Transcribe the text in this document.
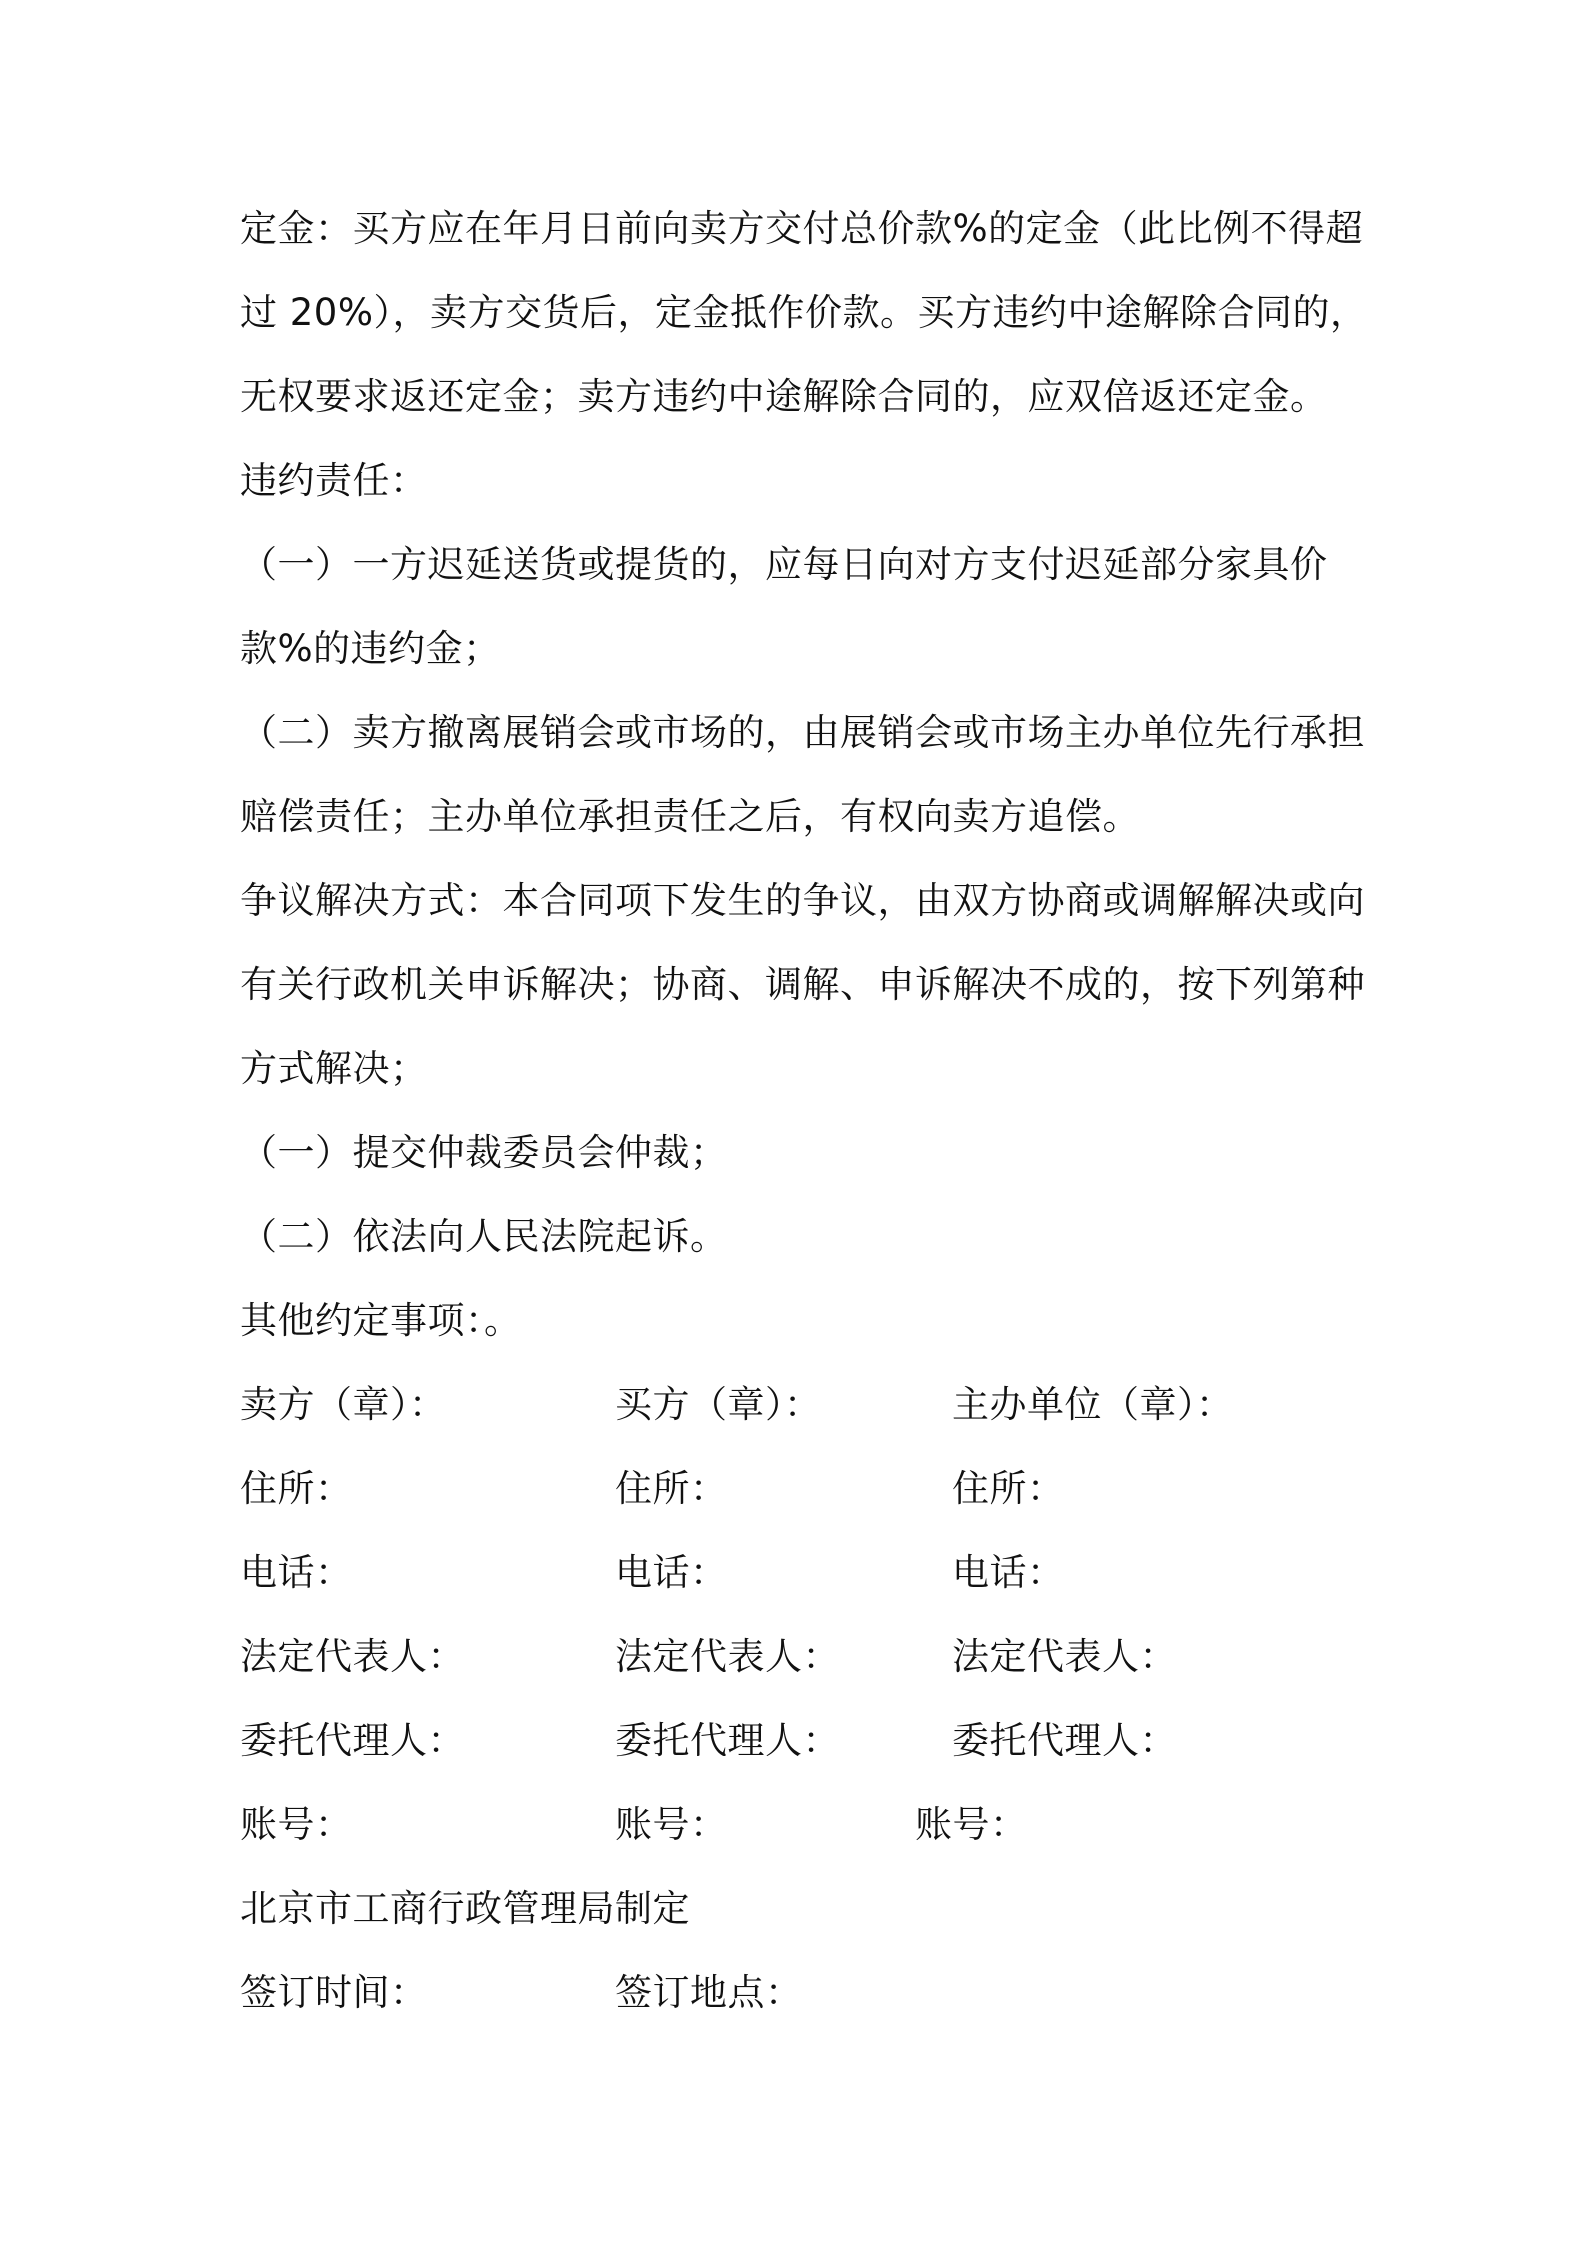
定金：买方应在年月日前向卖方交付总价款%的定金（此比例不得超
过 20%），卖方交货后，定金抵作价款。买方违约中途解除合同的，
无权要求返还定金；卖方违约中途解除合同的，应双倍返还定金。
违约责任：
（一）一方迟延送货或提货的，应每日向对方支付迟延部分家具价
款%的违约金；
（二）卖方撤离展销会或市场的，由展销会或市场主办单位先行承担
赔偿责任；主办单位承担责任之后，有权向卖方追偿。
争议解决方式：本合同项下发生的争议，由双方协商或调解解决或向
有关行政机关申诉解决；协商、调解、申诉解决不成的，按下列第种
方式解决；
（一）提交仲裁委员会仲裁；
（二）依法向人民法院起诉。
其他约定事项：。
卖方（章）：	买方（章）：	主办单位（章）：
住所：	住所：	住所：
电话：	电话：	电话：
法定代表人：	法定代表人：	法定代表人：
委托代理人：	委托代理人：	委托代理人：
账号：	账号：	账号：
北京市工商行政管理局制定
签订时间：	签订地点：
